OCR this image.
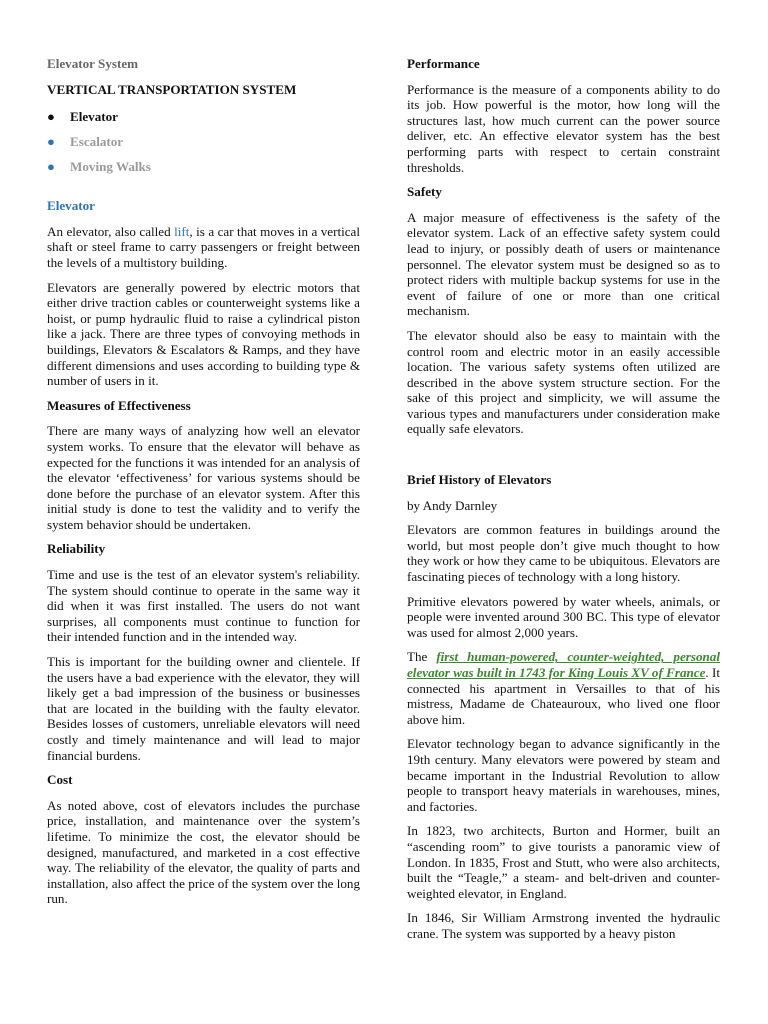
Elevator System
VERTICAL TRANSPORTATION SYSTEM
●	Elevator
●	Escalator
●	Moving Walks
Elevator

An elevator, also called lift, is a car that moves in a vertical shaft or steel frame to carry passengers or freight between the levels of a multistory building.

Elevators are generally powered by electric motors that either drive traction cables or counterweight systems like a hoist, or pump hydraulic fluid to raise a cylindrical piston like a jack. There are three types of convoying methods in buildings, Elevators & Escalators & Ramps, and they have different dimensions and uses according to building type & number of users in it.

Measures of Effectiveness

There are many ways of analyzing how well an elevator system works. To ensure that the elevator will behave as expected for the functions it was intended for an analysis of the elevator ‘effectiveness’ for various systems should be done before the purchase of an elevator system. After this initial study is done to test the validity and to verify the system behavior should be undertaken.

Reliability

Time and use is the test of an elevator system's reliability. The system should continue to operate in the same way it did when it was first installed. The users do not want surprises, all components must continue to function for their intended function and in the intended way.

This is important for the building owner and clientele. If the users have a bad experience with the elevator, they will likely get a bad impression of the business or businesses that are located in the building with the faulty elevator. Besides losses of customers, unreliable elevators will need costly and timely maintenance and will lead to major financial burdens.

Cost

As noted above, cost of elevators includes the purchase price, installation, and maintenance over the system’s lifetime. To minimize the cost, the elevator should be designed, manufactured, and marketed in a cost effective way. The reliability of the elevator, the quality of parts and installation, also affect the price of the system over the long run.

Performance

Performance is the measure of a components ability to do its job. How powerful is the motor, how long will the structures last, how much current can the power source deliver, etc. An effective elevator system has the best performing parts with respect to certain constraint thresholds.

Safety

A major measure of effectiveness is the safety of the elevator system. Lack of an effective safety system could lead to injury, or possibly death of users or maintenance personnel. The elevator system must be designed so as to protect riders with multiple backup systems for use in the event of failure of one or more than one critical mechanism.

The elevator should also be easy to maintain with the control room and electric motor in an easily accessible location. The various safety systems often utilized are described in the above system structure section. For the sake of this project and simplicity, we will assume the various types and manufacturers under consideration make equally safe elevators.

Brief History of Elevators

by Andy Darnley

Elevators are common features in buildings around the world, but most people don’t give much thought to how they work or how they came to be ubiquitous. Elevators are fascinating pieces of technology with a long history.

Primitive elevators powered by water wheels, animals, or people were invented around 300 BC. This type of elevator was used for almost 2,000 years.

The first human-powered, counter-weighted, personal elevator was built in 1743 for King Louis XV of France. It connected his apartment in Versailles to that of his mistress, Madame de Chateauroux, who lived one floor above him.

Elevator technology began to advance significantly in the 19th century. Many elevators were powered by steam and became important in the Industrial Revolution to allow people to transport heavy materials in warehouses, mines, and factories.

In 1823, two architects, Burton and Hormer, built an “ascending room” to give tourists a panoramic view of London. In 1835, Frost and Stutt, who were also architects, built the “Teagle,” a steam- and belt-driven and counter-weighted elevator, in England.

In 1846, Sir William Armstrong invented the hydraulic crane. The system was supported by a heavy piston
